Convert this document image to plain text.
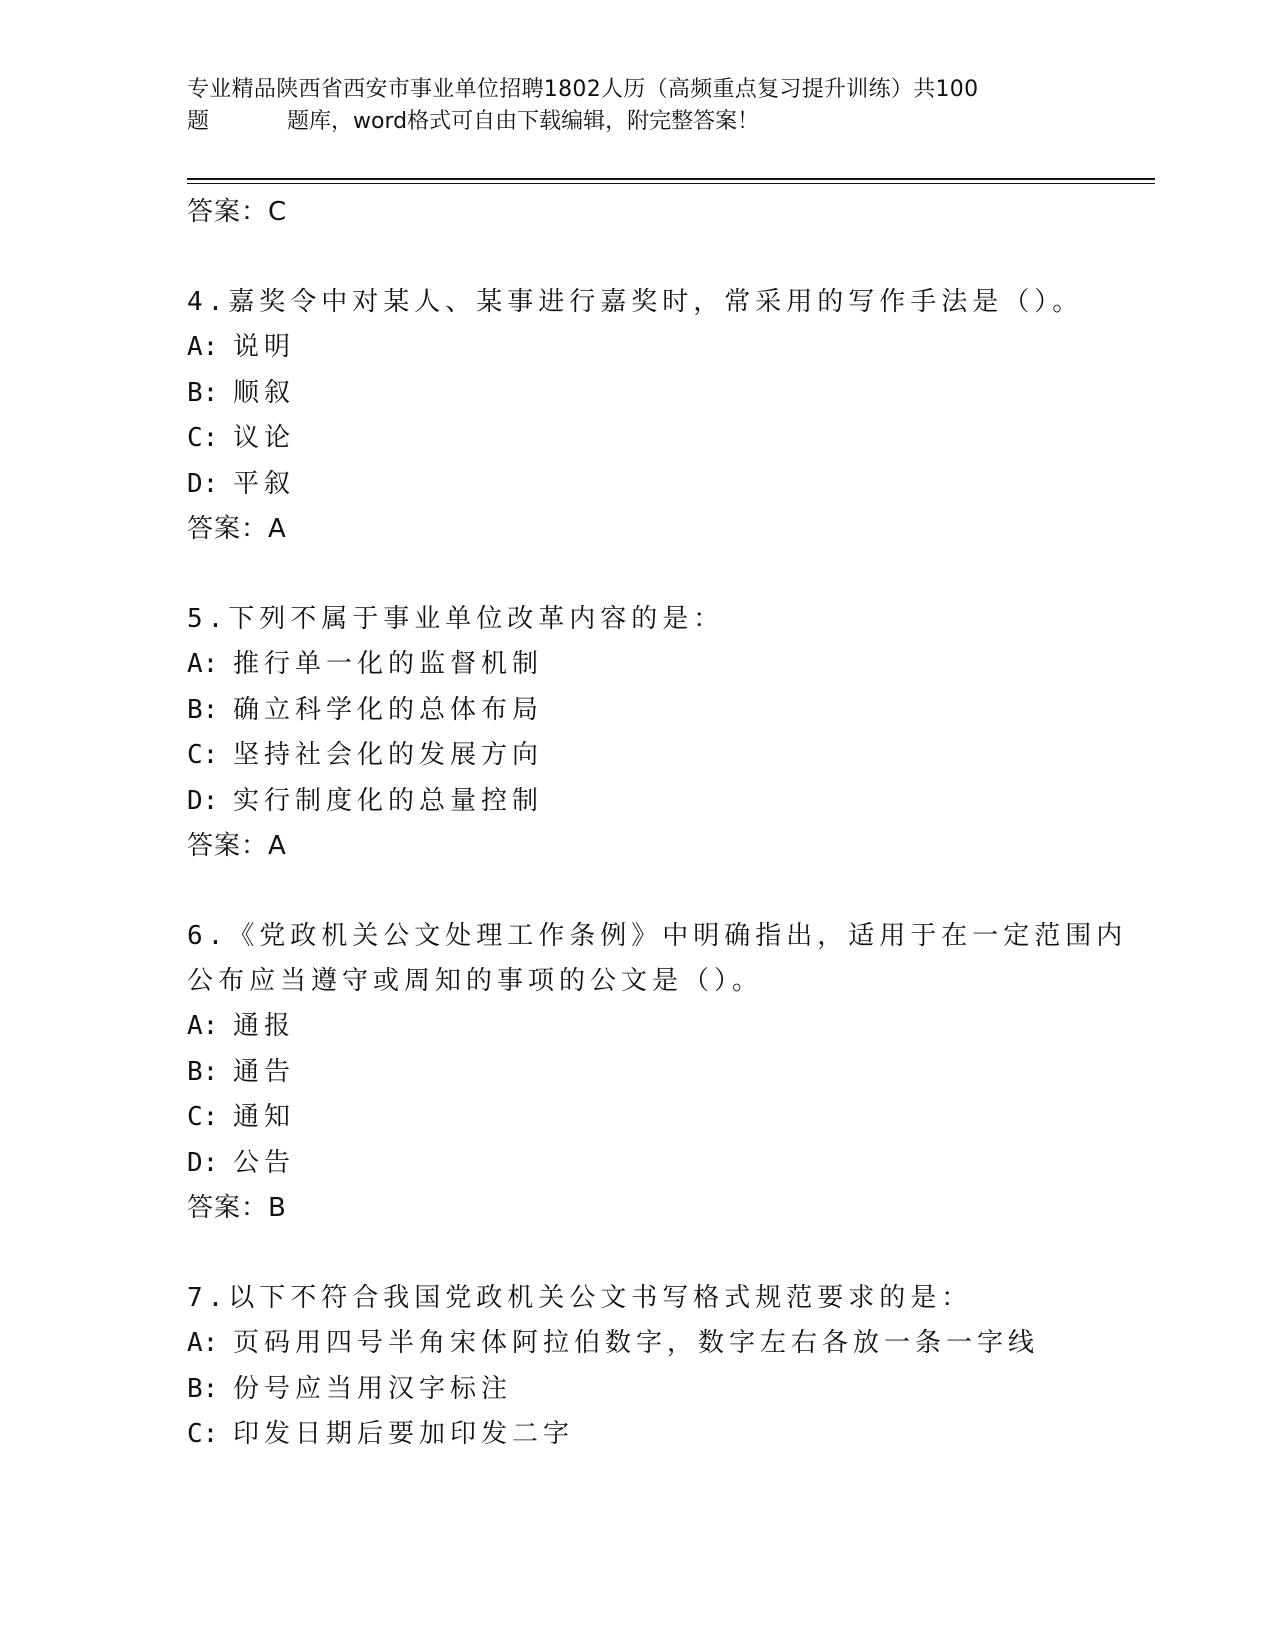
专业精品陕西省西安市事业单位招聘1802人历（高频重点复习提升训练）共100
题	题库，word格式可自由下载编辑，附完整答案！
答案：C
4.嘉奖令中对某人、某事进行嘉奖时，常采用的写作手法是（）。
A: 说明
B: 顺叙
C: 议论
D: 平叙
答案：A
5.下列不属于事业单位改革内容的是：
A: 推行单一化的监督机制
B: 确立科学化的总体布局
C: 坚持社会化的发展方向
D: 实行制度化的总量控制
答案：A
6.《党政机关公文处理工作条例》中明确指出，适用于在一定范围内公布应当遵守或周知的事项的公文是（）。
A: 通报
B: 通告
C: 通知
D: 公告
答案：B
7.以下不符合我国党政机关公文书写格式规范要求的是：
A: 页码用四号半角宋体阿拉伯数字，数字左右各放一条一字线
B: 份号应当用汉字标注
C: 印发日期后要加印发二字
